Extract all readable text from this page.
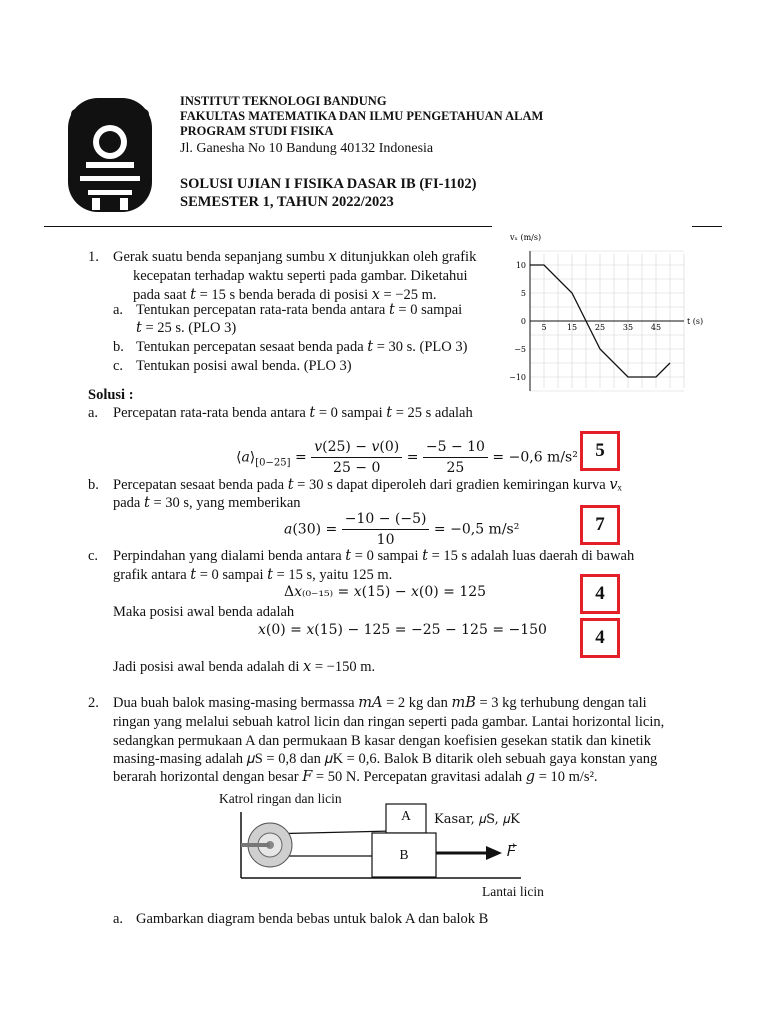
INSTITUT TEKNOLOGI BANDUNG
FAKULTAS MATEMATIKA DAN ILMU PENGETAHUAN ALAM
PROGRAM STUDI FISIKA
Jl. Ganesha No 10 Bandung 40132 Indonesia
SOLUSI UJIAN I FISIKA DASAR IB (FI-1102)
SEMESTER 1, TAHUN 2022/2023
10
5
0
−5
−10
5	15 25 35 45
vₓ (m/s)
t (s)
1. Gerak suatu benda sepanjang sumbu 𝑥 ditunjukkan oleh grafik
kecepatan terhadap waktu seperti pada gambar. Diketahui
pada saat 𝑡 = 15 s benda berada di posisi 𝑥 = −25 m.
a. Tentukan percepatan rata-rata benda antara 𝑡 = 0 sampai
𝑡 = 25 s. (PLO 3)
b. Tentukan percepatan sesaat benda pada 𝑡 = 30 s. (PLO 3)
c. Tentukan posisi awal benda. (PLO 3)
Solusi :
a. Percepatan rata-rata benda antara 𝑡 = 0 sampai 𝑡 = 25 s adalah
$⟨𝑎⟩_{[0-25]} = \frac{\text{𝑣(25) − 𝑣(0)}}{25 - 0} = \frac{-5 - 10}{25} = -0,6$ m/s²
b. Percepatan sesaat benda pada 𝑡 = 30 s dapat diperoleh dari gradien kemiringan kurva 𝑣ₓ
pada 𝑡 = 30 s, yang memberikan
𝑎(30) = $\frac{-10 - (-5)}{10} = -0,5$ m/s²
c. Perpindahan yang dialami benda antara 𝑡 = 0 sampai 𝑡 = 15 s adalah luas daerah di bawah
grafik antara 𝑡 = 0 sampai 𝑡 = 15 s, yaitu 125 m.
Δ𝑥₍₀₋₁₅₎ = 𝑥(15) − 𝑥(0) = 125
Maka posisi awal benda adalah
𝑥(0) = 𝑥(15) − 125 = −25 − 125 = −150
Jadi posisi awal benda adalah di 𝑥 = −150 m.
5
7
4
4
2. Dua buah balok masing-masing bermassa 𝑚𝐴 = 2 kg dan 𝑚𝐵 = 3 kg terhubung dengan tali
ringan yang melalui sebuah katrol licin dan ringan seperti pada gambar. Lantai horizontal licin,
sedangkan permukaan A dan permukaan B kasar dengan koefisien gesekan statik dan kinetik
masing-masing adalah 𝜇S = 0,8 dan 𝜇K = 0,6. Balok B ditarik oleh sebuah gaya konstan yang
berarah horizontal dengan besar 𝐹 = 50 N. Percepatan gravitasi adalah 𝑔 = 10 m/s².
Katrol ringan dan licin
A
B
Kasar, 𝜇S, 𝜇K
𝐹⃗
Lantai licin
a. Gambarkan diagram benda bebas untuk balok A dan balok B
